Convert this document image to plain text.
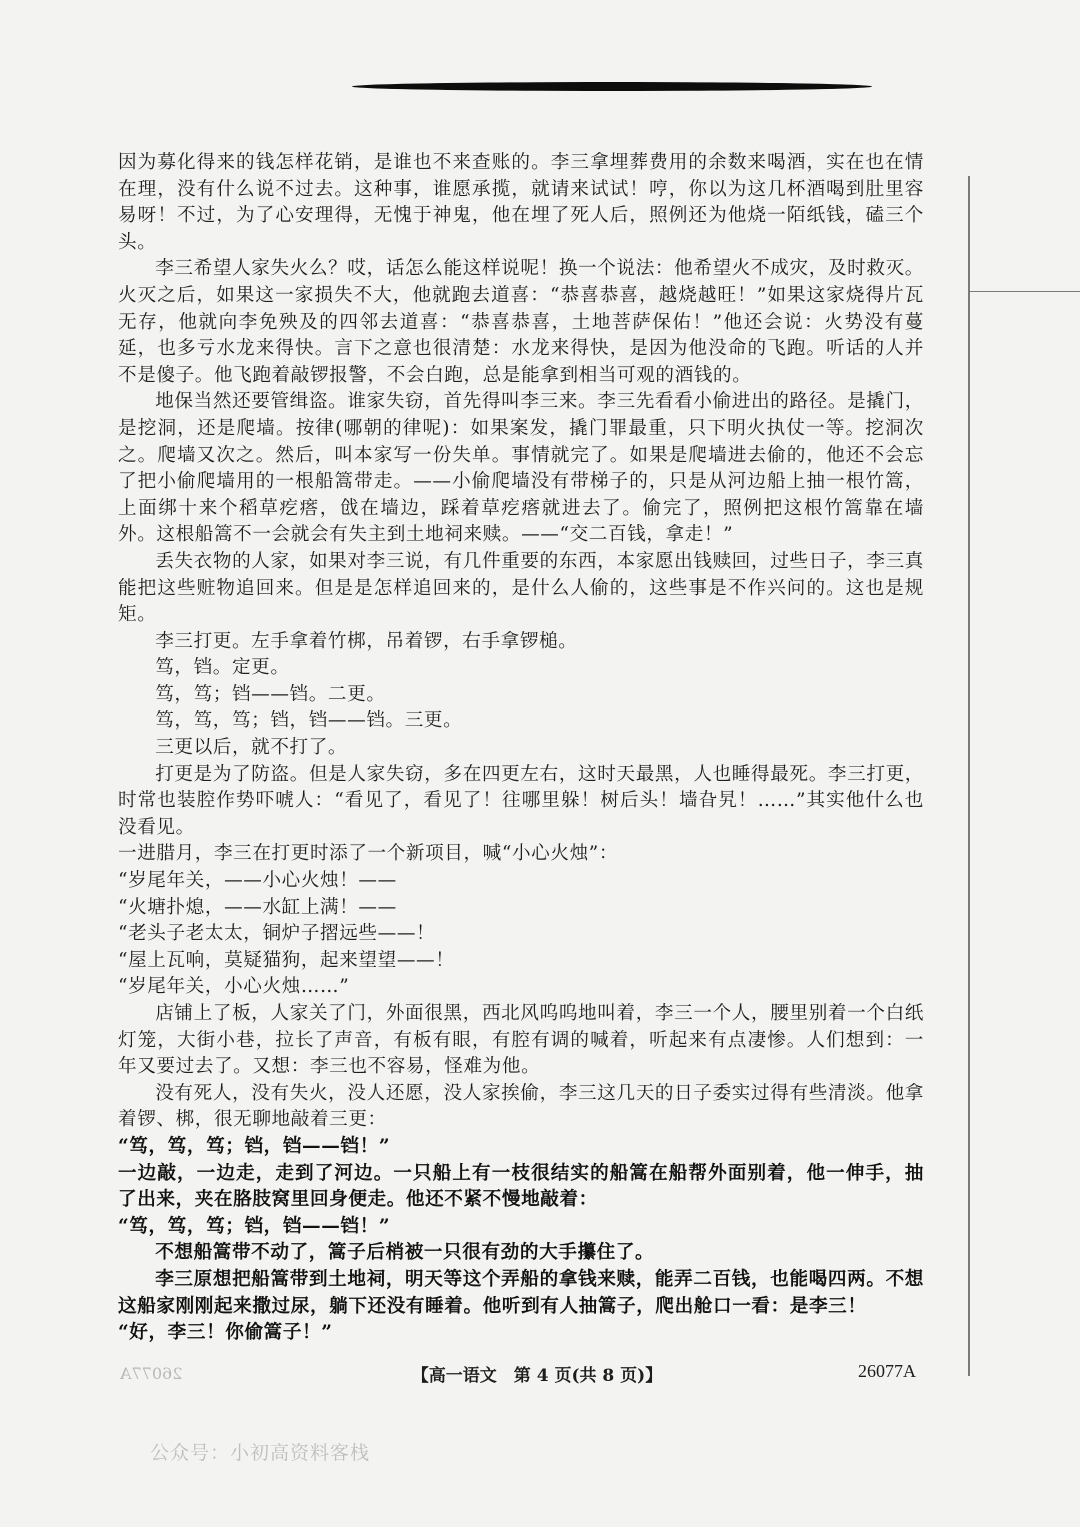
因为募化得来的钱怎样花销，是谁也不来查账的。李三拿埋葬费用的余数来喝酒，实在也在情在理，没有什么说不过去。这种事，谁愿承揽，就请来试试！哼，你以为这几杯酒喝到肚里容易呀！不过，为了心安理得，无愧于神鬼，他在埋了死人后，照例还为他烧一陌纸钱，磕三个头。

李三希望人家失火么？哎，话怎么能这样说呢！换一个说法：他希望火不成灾，及时救灭。火灭之后，如果这一家损失不大，他就跑去道喜：“恭喜恭喜，越烧越旺！”如果这家烧得片瓦无存，他就向李免殃及的四邻去道喜：“恭喜恭喜，土地菩萨保佑！”他还会说：火势没有蔓延，也多亏水龙来得快。言下之意也很清楚：水龙来得快，是因为他没命的飞跑。听话的人并不是傻子。他飞跑着敲锣报警，不会白跑，总是能拿到相当可观的酒钱的。

地保当然还要管缉盗。谁家失窃，首先得叫李三来。李三先看看小偷进出的路径。是撬门，是挖洞，还是爬墙。按律(哪朝的律呢)：如果案发，撬门罪最重，只下明火执仗一等。挖洞次之。爬墙又次之。然后，叫本家写一份失单。事情就完了。如果是爬墙进去偷的，他还不会忘了把小偷爬墙用的一根船篙带走。——小偷爬墙没有带梯子的，只是从河边船上抽一根竹篙，上面绑十来个稻草疙瘩，戗在墙边，踩着草疙瘩就进去了。偷完了，照例把这根竹篙靠在墙外。这根船篙不一会就会有失主到土地祠来赎。——“交二百钱，拿走！”

丢失衣物的人家，如果对李三说，有几件重要的东西，本家愿出钱赎回，过些日子，李三真能把这些赃物追回来。但是是怎样追回来的，是什么人偷的，这些事是不作兴问的。这也是规矩。

李三打更。左手拿着竹梆，吊着锣，右手拿锣槌。

笃，铛。定更。

笃，笃；铛——铛。二更。

笃，笃，笃；铛，铛——铛。三更。

三更以后，就不打了。

打更是为了防盗。但是人家失窃，多在四更左右，这时天最黑，人也睡得最死。李三打更，时常也装腔作势吓唬人：“看见了，看见了！往哪里躲！树后头！墙旮旯！……”其实他什么也没看见。

一进腊月，李三在打更时添了一个新项目，喊“小心火烛”：

“岁尾年关，——小心火烛！——

“火塘扑熄，——水缸上满！——

“老头子老太太，铜炉子摺远些——！

“屋上瓦响，莫疑猫狗，起来望望——！

“岁尾年关，小心火烛……”

店铺上了板，人家关了门，外面很黑，西北风呜呜地叫着，李三一个人，腰里别着一个白纸灯笼，大街小巷，拉长了声音，有板有眼，有腔有调的喊着，听起来有点凄惨。人们想到：一年又要过去了。又想：李三也不容易，怪难为他。

没有死人，没有失火，没人还愿，没人家挨偷，李三这几天的日子委实过得有些清淡。他拿着锣、梆，很无聊地敲着三更：

“笃，笃，笃；铛，铛——铛！”

一边敲，一边走，走到了河边。一只船上有一枝很结实的船篙在船帮外面别着，他一伸手，抽了出来，夹在胳肢窝里回身便走。他还不紧不慢地敲着：

“笃，笃，笃；铛，铛——铛！”

不想船篙带不动了，篙子后梢被一只很有劲的大手攥住了。

李三原想把船篙带到土地祠，明天等这个弄船的拿钱来赎，能弄二百钱，也能喝四两。不想这船家刚刚起来撒过尿，躺下还没有睡着。他听到有人抽篙子，爬出舱口一看：是李三！

“好，李三！你偷篙子！”

26077A	【高一语文　第 4 页(共 8 页)】	26077A
公众号：小初高资料客栈
